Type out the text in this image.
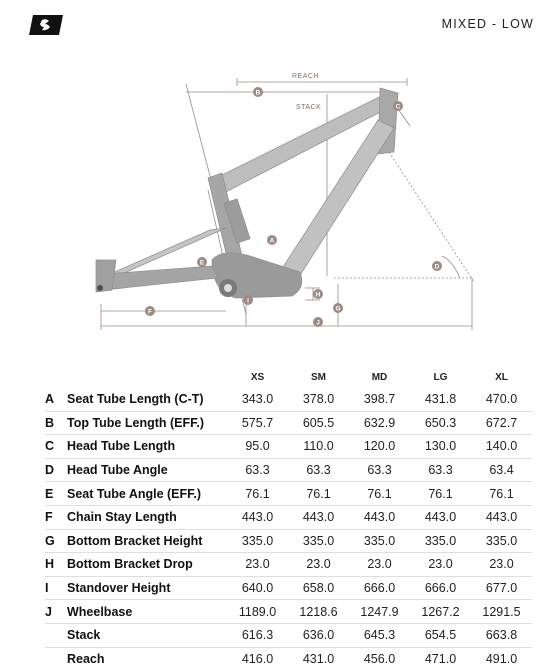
MIXED - LOW
REACH
STACK
B
C
A
E
D
H
F	G
I
J
		XS	SM	MD	LG	XL
A	Seat Tube Length (C-T)	343.0	378.0	398.7	431.8	470.0
B	Top Tube Length (EFF.)	575.7	605.5	632.9	650.3	672.7
C	Head Tube Length	95.0	110.0	120.0	130.0	140.0
D	Head Tube Angle	63.3	63.3	63.3	63.3	63.4
E	Seat Tube Angle (EFF.)	76.1	76.1	76.1	76.1	76.1
F	Chain Stay Length	443.0	443.0	443.0	443.0	443.0
G	Bottom Bracket Height	335.0	335.0	335.0	335.0	335.0
H	Bottom Bracket Drop	23.0	23.0	23.0	23.0	23.0
I	Standover Height	640.0	658.0	666.0	666.0	677.0
J	Wheelbase	1189.0	1218.6	1247.9	1267.2	1291.5
	Stack	616.3	636.0	645.3	654.5	663.8
	Reach	416.0	431.0	456.0	471.0	491.0
